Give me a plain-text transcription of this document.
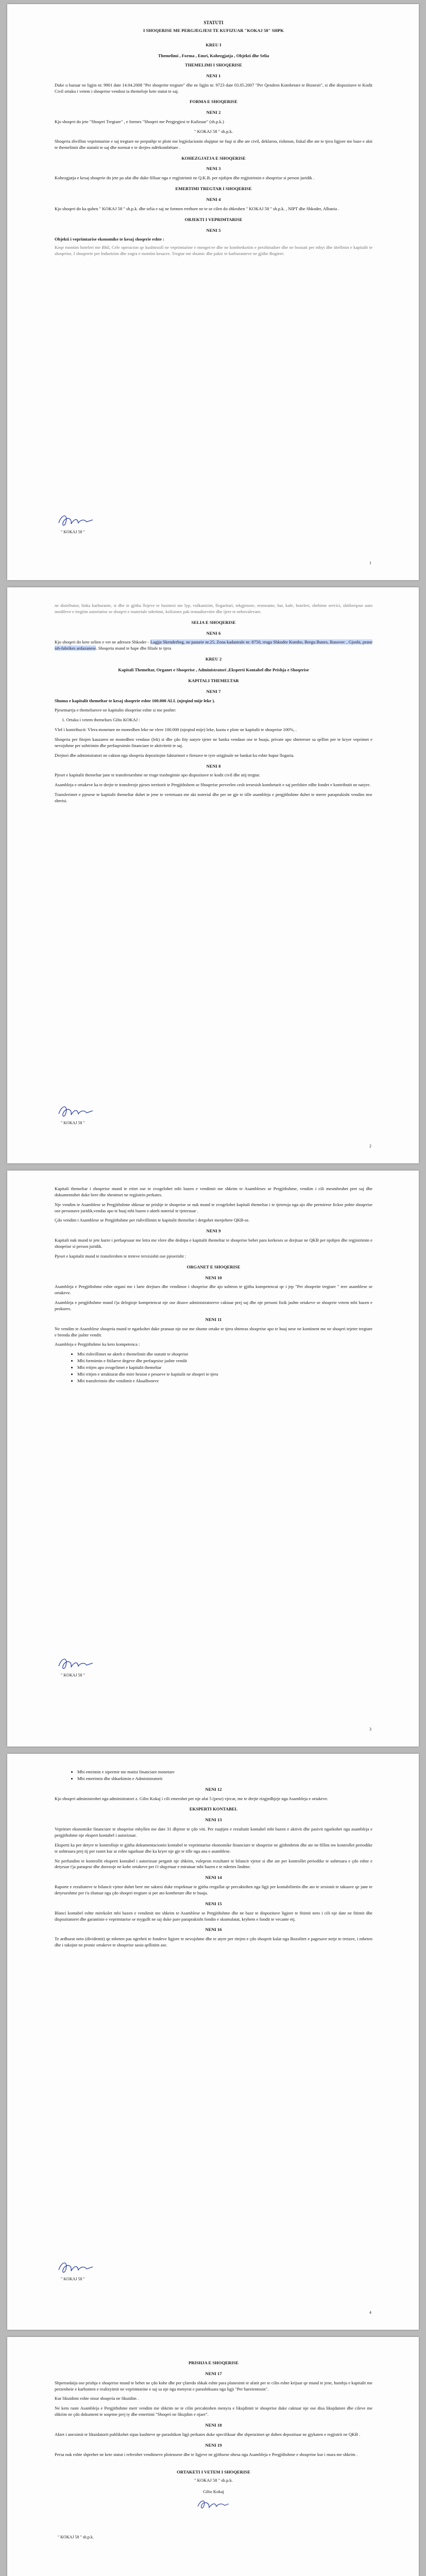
STATUTI
I SHOQERISE ME PERGJEGJESI TE KUFIZUAR "KOKAJ 58" SHPK
KREU I
Themelimi , Forma , Emri, Kohezgjatja , Objekti dhe Selia
THEMELIMI I SHOQERISE
NENI 1

Duke u bazuar ne ligjin nr. 9901 date 14.04.2008 "Per shoqerite tregtare" dhe ne ligjin nr. 9723 date 03.05.2007 "Per Qendren Kombetare te Biznesit", si dhe dispozitave te Kodit Civil ortaku i vetem i shoqerise vendosi ta themeloje kete statut te saj.

FORMA E SHOQERISE
NENI 2

Kjo shoqeri do jete "Shoqeri Tregtare" , e formes "Shoqeri me Pergjegjesi te Kufizuar" (sh.p.k.)

" KOKAJ 58 " sh.p.k.

Shoqeria zhvillon veprimtarine e saj tregtare ne perputhje te plote me legjislacionin shqiptar ne fuqi si dhe ate civil, deklaron, rishmon, fiskal dhe ate te tjera ligjore me baze e akti te themelimit dhe statutit te saj dhe normat e te drejtes ndërkombëtare .

KOHEZGJATJA E SHOQERISE
NENI 3

Kohezgjatja e kesaj shoqerie do jete pa afat dhe duke filluar nga e regjistrimit ne Q.K.B. per njohjen dhe regjistrimin e shoqerise si person juridik .

EMERTIMI TREGTAR I SHOQERISE
NENI 4

Kjo shoqeri do ka quhen " KOKAJ 58 " sh.p.k. dhe selia e saj ne formen rrethore ne te se cilen do shkruhen " KOKAJ 58 " sh.p.k. , NIPT dhe Shkoder, Albania .

OBJEKTI I VEPRIMTARISE
NENI 5
Objekti i veprimtarise ekonomike te kesaj shoqerie eshte :

Keqe montim hoteleri me Bhil, Cele operacion qe kushtezoll ne veprimtarine e mengecve dhe ne kombetkotim e perzhirudore dhe ne bosnati per mbyt dhe shellmin e kapitalit te shoqerise, I shoqeerie per Induetzim dhe zogra e montim kesacre. Tregtar me shumic dhe pakic te karburanteve ne gjithe Bogiere.

" KOKAJ 58 "
1

ne distributor, linka karburante, si dhe te gjitha llojeve te businesi me lyp, vulkanizim, llogaritari, tekgjenore, restorante, bar, kafe, hoteleri, shebime servici, shitberqose auto modileve e tregtim autoriatise se shoqeri e materiale ndertimi, kolisionx pak tronadisevitre dhe tjere te nehovalevare.

SELIA E SHOQERISE
NENI 6

Kjo shoqeri do kete selien e vet ne adresen Shkoder - Lagjja Skenderbeg, ne pasurie nr.25, Zona kadastrale nr. 8750, rruga Shkodre Kombo, Bregu Bunes, Rusovec , Gjoshi, prane ish-fabrikes ardazanese. Shoqeria mund te hape dhe filiale te tjera

KREU 2
Kapitali Themeltar, Organet e Shoqerise , Administratori ,Eksperti Kontabel dhe Prishja e Shoqerise
KAPITALI THEMELTAR
NENI 7

Shuma e kapitalit themeltar te kesaj shoqerie eshte 100.000 ALL (njeqind mije leke ).

Pjesemarrja e themeluesve ne kapitalin shoqerise eshte si me poshte:

1. Ortaku i vetem themelues Gilto KOKAJ :

Vlef i kontribucit: Vlera monetare ne monedhen leke ne vlere 100.000 (njeqind mije) leke, kuota e plote ne kapitalit te shoqerise 100%, .

Shoqeria per fitojen kauzaren ne monedhen vendase (lek) si dhe çdo fity natyre tjeter ne banka vendase ose te huaja, private apo shteterore sa qellim per te kryer veprimet e nevojshme per ushtrimin dhe perfaqesimin financiare te aktivitetit te saj.

Drejtori dhe administratori ne cakton nga shoqeria depozitojne fakturimet e firmave te tyre origjinale ne bankat ku eshte hapur llogaria.

NENI 8

Pjeset e kapitalit themeltar jane te transferueshme ne rruge trashegimie apo dispozitave te kodit civil dhe atij tregtar.

Asambleja e ortakeve ka te drejte te transferoje pjeses territorit te Pergjithshem se Shoqerise perverlen cesh tersesish kombetarit e saj perfshire edhe fondet e kontributit ne natyre.

Transferimet e pjesese te kapitalit themeltar duhet te jene te vertetuara me akt noterial dhe per ne gje te tille asambleja e pergjithshme duhet te merre paraprakisht vendim mw sherisi.

" KOKAJ 58 "
2

Kapitali themeltar i shoqerise mund te rritet ose te zvogelohet mbi bazen e vendimit me shkrim te Asambleses se Pergjithshme, vendim i cili mesmbruhet pret saj dhe dokumentohet duke bere dhe shenimet ne regjistrin perkates.

Nje vendim te Asamblese se Pergjithshme shkruar ne prishje te shoqerise se nuk mund te zvogelohet kapitali themeltar i te tjeteruja nga ajo dhe permirese fickse pohte shoqerise ose personave juridik,vendas apo te huaj mbi bazen e akteh noterial te tjetersuar .

Çdo vendim i Asamblese se Pergjithshme per rishvillimin te kapitalit themeltar i dergohet menjehere QKB-se.

NENI 9

Kapitali nuk mund te jete kurre i perfaqesuar me letra me vlere dhe deditpa e kapitalit themeltar te shoqerise behet para kerkeses se drejtuar ne QKB per njohjen dhe regjistrimin e shoqerise si person juridik.

Pjeset e kapitalit mund te transferohen te treteve terxisishti ose pjeserisht :

ORGANET E SHOQERISE
NENI 10

Asambleja e Pergjithshme eshte organi me i larte drejtues dhe vendimor i shoqerise dhe ajo ushtron te gjitha kompetencat qe i jep "Per shoqerite tregtare " tere asamblese se ortakeve.

Asambleja e pergjithshme mund t'ja delegioje kompetencat nje ose disave administratoreve caktuar prej saj dhe nje personi fizik jashte ortakeve se shoqerie vetem mbi bazen e prokures.

NENI 11

Ne vendim te Asamblese shoqeria mund te ngarkohet duke pranuar nje ose me shume ortake te tjera shteteas shoqerise apo te huaj nese ne kontinent me ne shoqeri tejeter tregtare e brenda dhe jashte vendit.

Asambleja e Pergjithshme ka keto kompetenca :

• Mbi rishvillimet ne akteh e themelimit dhe statutit te shoqerise
• Mbi formimin e fitilaeve degeve dhe perfaqesise jashte vendit
• Mbi rritjen apo zvogelimet e kapitalit themeltar
• Mbi rritjen e strukturat dhe mire hesion e pesueve te kapitalit ne shoqeri te tjera
• Mbi transferimin dhe vendimit e Akualbonrve
" KOKAJ 58 "
3
• Mbi emrimin e sipermir me matisi financiare monetare
• Mbi emerimin dhe shkarkimin e Administratorit
NENI 12

Kjo shoqeri administrohet nga administratori z. Gilto Kokaj i cili emerohet per nje afat 5 (pese) vjecar, me te drejte rizgjedhjeje nga Asambleja e ortakeve.

EKSPERTI KONTABEL
NENI 13

Veprimet ekonomike financiare te shoqerise mbyllen me date 31 dhjetor te çdo viti. Per ruajtjen e rezultatit kontabel mbi bazen e aktivit dhe pasivit ngarkohet nga asambleja e pergjithshme nje ekspert kontabel i autorizuar.

Eksperti ka per detyre te kontrolloje te gjitha dokumentacionin kontabel te veprimtarise ekonomike financiare te shoqerise ne gjithmbrim dhe ate ne fillim nw kontrollet periodike te ushtruara prej tij per rastet kur ai eshte ngarkuar dhe ka kryer nje gje te tille nga ana e asamblese.

Ne perfundim te kontrollit eksperti kontabel i autorizuar pergatit nje shkrim, vulepron rezultatet te bilancit vjetor si dhe ate per kontrollet periodike te ushtruara e çdo eshte e detyruar t'ja paraqese dhe dorezoje ne kohe ortakeve per t'i shqyrtuar e miratuar mbi bazen e te ndertes lindme.

NENI 14

Raporte e rezultateve te bilancit vjetor duhet bere me saktesi duke respektuar te gjitha rregullat qe percaktohen nga ligji per kontabilitetin dhe ato te sexionit te takuave qe jane te detyrueshme per t'u zbatuar nga çdo shoqeri tregtare si per ato kombetare dhe te huaja.

NENI 15

Blanci kontabel eshte mirekolet mbi bazen e vendimit me shkrim te Asamblese se Pergjithshme dhe ne baze te dispozitave ligjore te fitimit neto i cili nje date ne fitimit dhe dispozitatoret dhe garantisie e veprimtarise se mygullt ne saj duke pare paraprakisht fondin e skumulatat, kryhem e fondit te vecante etj.

NENI 16

Te ardhurat neto (dividentit) qe mbeten pas ngrehrit te fondeve ligjore te nevojshme dhe te atyre per ritrjen e çdo shoqerit kalat nga Bozolitet e pagesave netje te tretave, i mbeten dhe i takojne ne pronie ortakeve te shoqerise sasio qellinim ase.

" KOKAJ 58 "
4
PRISHJA E SHOQERISE
NENI 17

Shpersndaija ose prishja e shoqerise mund te behet ne çdo kohe dhe per çfaredo shkak eshte para planesimi te afatit per te cilin eshte krijuar qe mund te jene, humbja e kapitalit me perzenheie e karbonten e realizyimit ne veprimtarine e saj sa nje nga menyrat e parashikuara nga ligji "Per hareientosin".

Kur likuidimi eshte nisur shoqeria ne likuidim .

Ne keto raste Asambleja e Pergjithshme merr vendim me shkrim ne te cilin percaktohen menyra e likujdimit te shoqerise duke caktuar nje ose disa likujdatore dhe cileve me shkrim ne çdo dokument te soqeme prej ty dhe emertimi "Shoqeri ne likujdim e njaer".

NENI 18

Aktet i aneximit te likuidatorit publikohet sipas kushteve qe parashikon ligji perkates duke specifikuar dhe shpenzimet qe duhen depozituar ne gjykaten e regjistrit ne QKB .

NENI 19

Persa nuk eshte shpreher ne kete statut i referohet vendimeve ploteusese dhe te ligjeve ne gjithsese ohesa nga Asambleja e Pergjithshme e shoqerise kur i mara me shkrim .

ORTAKETI I VETEM I SHOQERISE
" KOKAJ 58 " sh.p.k.
Gilto Kokaj
" KOKAJ 58 " sh.p.k.
